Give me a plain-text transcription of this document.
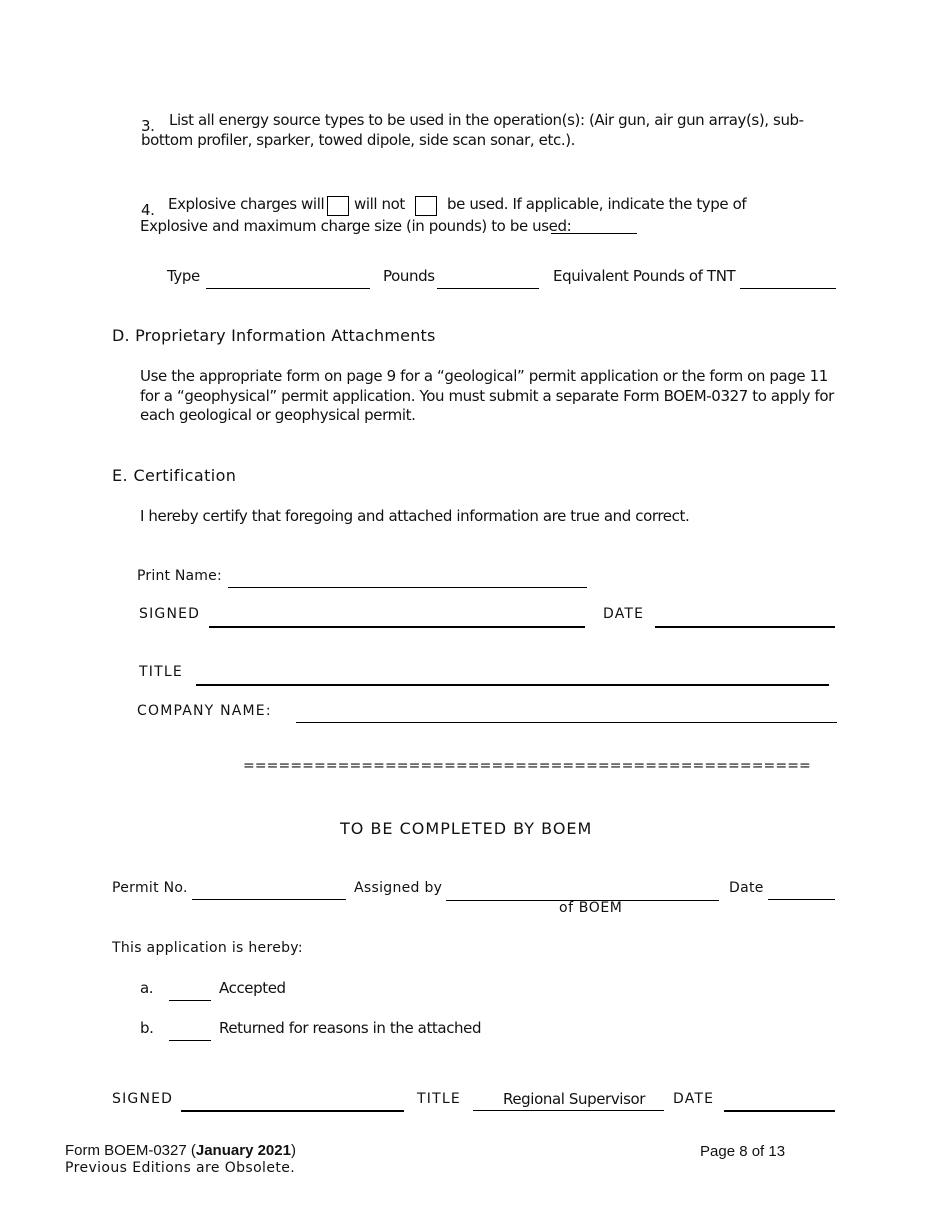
3. List all energy source types to be used in the operation(s): (Air gun, air gun array(s), sub-bottom profiler, sparker, towed dipole, side scan sonar, etc.).
4. Explosive charges will will not	be used. If applicable, indicate the type of
Explosive and maximum charge size (in pounds) to be used:
Type	Pounds	Equivalent Pounds of TNT
D. Proprietary Information Attachments
Use the appropriate form on page 9 for a “geological” permit application or the form on page 11 for a “geophysical” permit application. You must submit a separate Form BOEM-0327 to apply for each geological or geophysical permit.
E. Certification
I hereby certify that foregoing and attached information are true and correct.
Print Name:
SIGNED	DATE
TITLE
COMPANY NAME:
================================================
TO BE COMPLETED BY BOEM
Permit No.	Assigned by	Date
of BOEM
This application is hereby:
a.	Accepted
b.	Returned for reasons in the attached
SIGNED	TITLE	Regional Supervisor DATE
Form BOEM-0327 (January 2021)	Page 8 of 13
Previous Editions are Obsolete.
